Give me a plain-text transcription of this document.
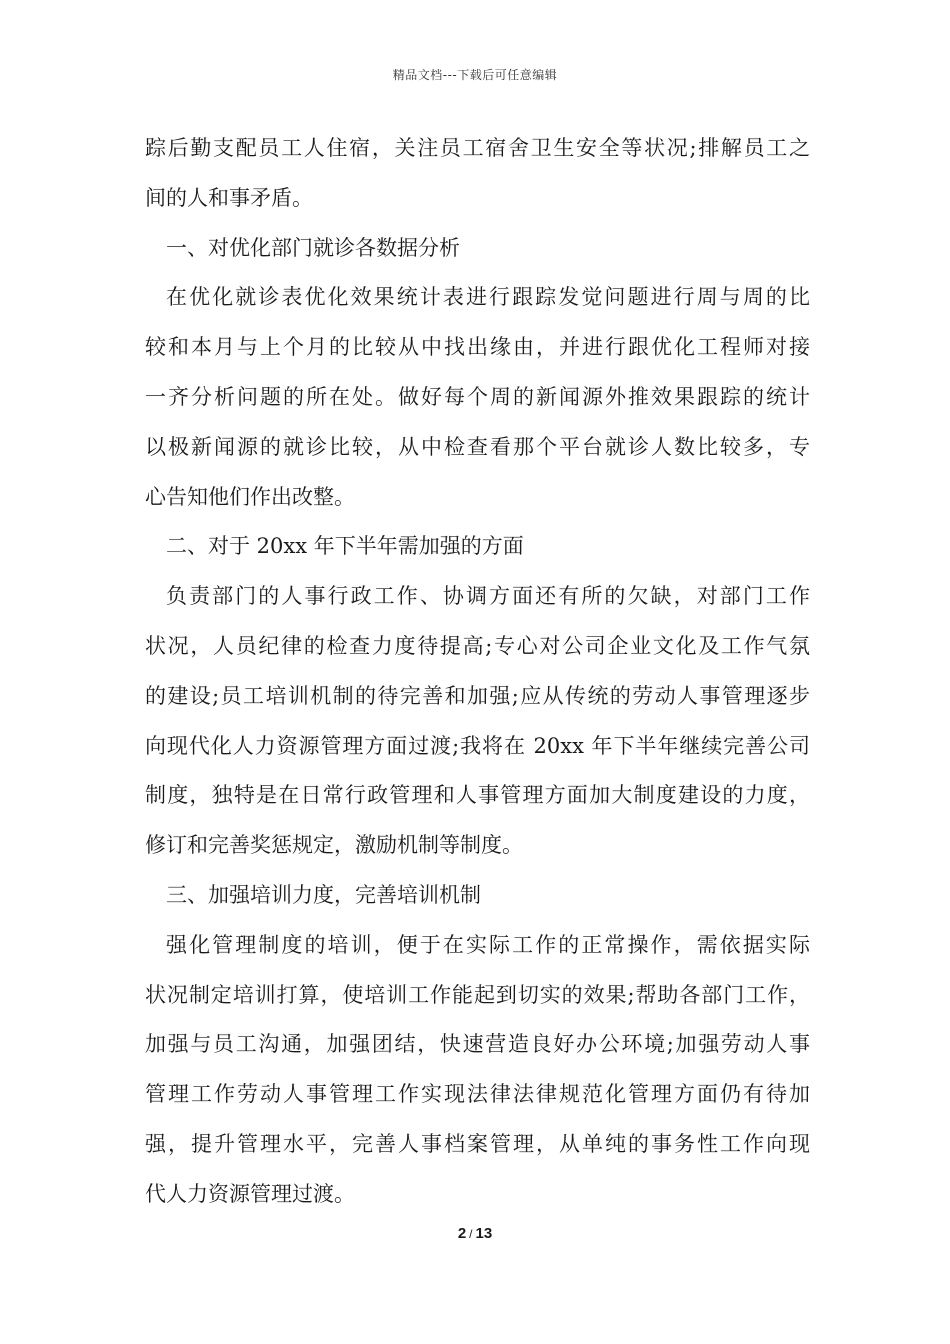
精品文档---下载后可任意编辑
踪后勤支配员工人住宿，关注员工宿舍卫生安全等状况;排解员工之
间的人和事矛盾。
一、对优化部门就诊各数据分析
在优化就诊表优化效果统计表进行跟踪发觉问题进行周与周的比
较和本月与上个月的比较从中找出缘由，并进行跟优化工程师对接
一齐分析问题的所在处。做好每个周的新闻源外推效果跟踪的统计
以极新闻源的就诊比较，从中检查看那个平台就诊人数比较多，专
心告知他们作出改整。
二、对于 20xx 年下半年需加强的方面
负责部门的人事行政工作、协调方面还有所的欠缺，对部门工作
状况，人员纪律的检查力度待提高;专心对公司企业文化及工作气氛
的建设;员工培训机制的待完善和加强;应从传统的劳动人事管理逐步
向现代化人力资源管理方面过渡;我将在 20xx 年下半年继续完善公司
制度，独特是在日常行政管理和人事管理方面加大制度建设的力度，
修订和完善奖惩规定，激励机制等制度。
三、加强培训力度，完善培训机制
强化管理制度的培训，便于在实际工作的正常操作，需依据实际
状况制定培训打算，使培训工作能起到切实的效果;帮助各部门工作，
加强与员工沟通，加强团结，快速营造良好办公环境;加强劳动人事
管理工作劳动人事管理工作实现法律法律规范化管理方面仍有待加
强，提升管理水平，完善人事档案管理，从单纯的事务性工作向现
代人力资源管理过渡。
2 / 13
